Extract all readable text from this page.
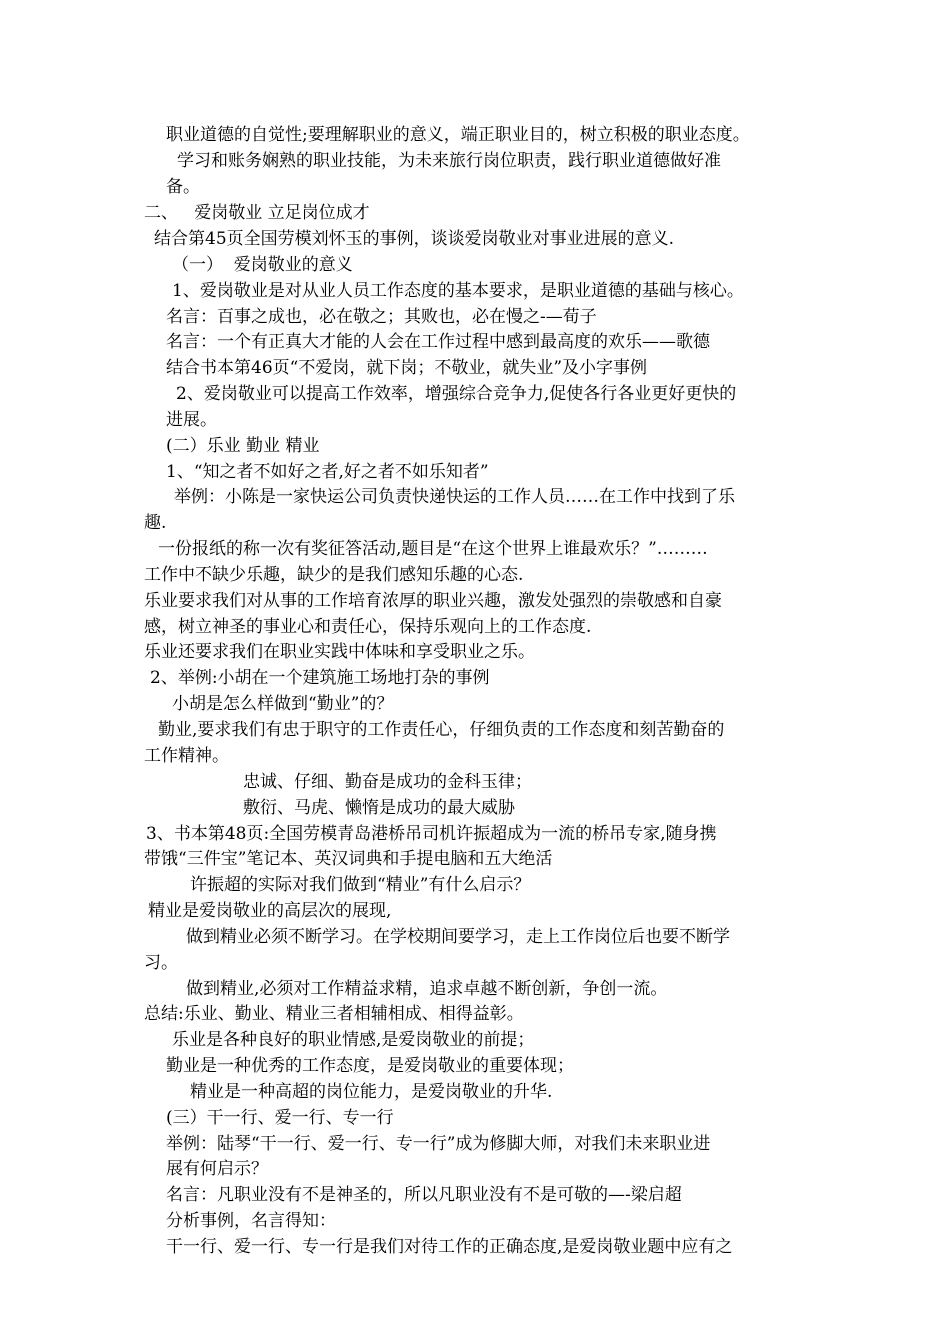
职业道德的自觉性;要理解职业的意义，端正职业目的，树立积极的职业态度。
学习和账务娴熟的职业技能，为未来旅行岗位职责，践行职业道德做好准
备。
二、   爱岗敬业 立足岗位成才
结合第45页全国劳模刘怀玉的事例，谈谈爱岗敬业对事业进展的意义.
（一）  爱岗敬业的意义
1、爱岗敬业是对从业人员工作态度的基本要求，是职业道德的基础与核心。
名言：百事之成也，必在敬之；其败也，必在慢之-—荀子
名言：一个有正真大才能的人会在工作过程中感到最高度的欢乐——歌德
结合书本第46页“不爱岗，就下岗；不敬业，就失业”及小字事例
2、爱岗敬业可以提高工作效率，增强综合竞争力,促使各行各业更好更快的
进展。
(二）乐业 勤业 精业
1、“知之者不如好之者,好之者不如乐知者”
举例：小陈是一家快运公司负责快递快运的工作人员……在工作中找到了乐
趣.
一份报纸的称一次有奖征答活动,题目是“在这个世界上谁最欢乐？”………
工作中不缺少乐趣，缺少的是我们感知乐趣的心态.
乐业要求我们对从事的工作培育浓厚的职业兴趣，激发处强烈的崇敬感和自豪
感，树立神圣的事业心和责任心，保持乐观向上的工作态度.
乐业还要求我们在职业实践中体味和享受职业之乐。
2、举例:小胡在一个建筑施工场地打杂的事例
小胡是怎么样做到“勤业”的？
勤业,要求我们有忠于职守的工作责任心，仔细负责的工作态度和刻苦勤奋的
工作精神。
忠诚、仔细、勤奋是成功的金科玉律；
敷衍、马虎、懒惰是成功的最大威胁
3、书本第48页:全国劳模青岛港桥吊司机许振超成为一流的桥吊专家,随身携
带饿“三件宝”笔记本、英汉词典和手提电脑和五大绝活
许振超的实际对我们做到“精业”有什么启示？
精业是爱岗敬业的高层次的展现,
做到精业必须不断学习。在学校期间要学习，走上工作岗位后也要不断学
习。
做到精业,必须对工作精益求精，追求卓越不断创新，争创一流。
总结:乐业、勤业、精业三者相辅相成、相得益彰。
乐业是各种良好的职业情感,是爱岗敬业的前提；
勤业是一种优秀的工作态度，是爱岗敬业的重要体现；
精业是一种高超的岗位能力，是爱岗敬业的升华.
(三）干一行、爱一行、专一行
举例：陆琴“干一行、爱一行、专一行”成为修脚大师，对我们未来职业进
展有何启示？
名言：凡职业没有不是神圣的，所以凡职业没有不是可敬的—-梁启超
分析事例，名言得知：
干一行、爱一行、专一行是我们对待工作的正确态度,是爱岗敬业题中应有之
